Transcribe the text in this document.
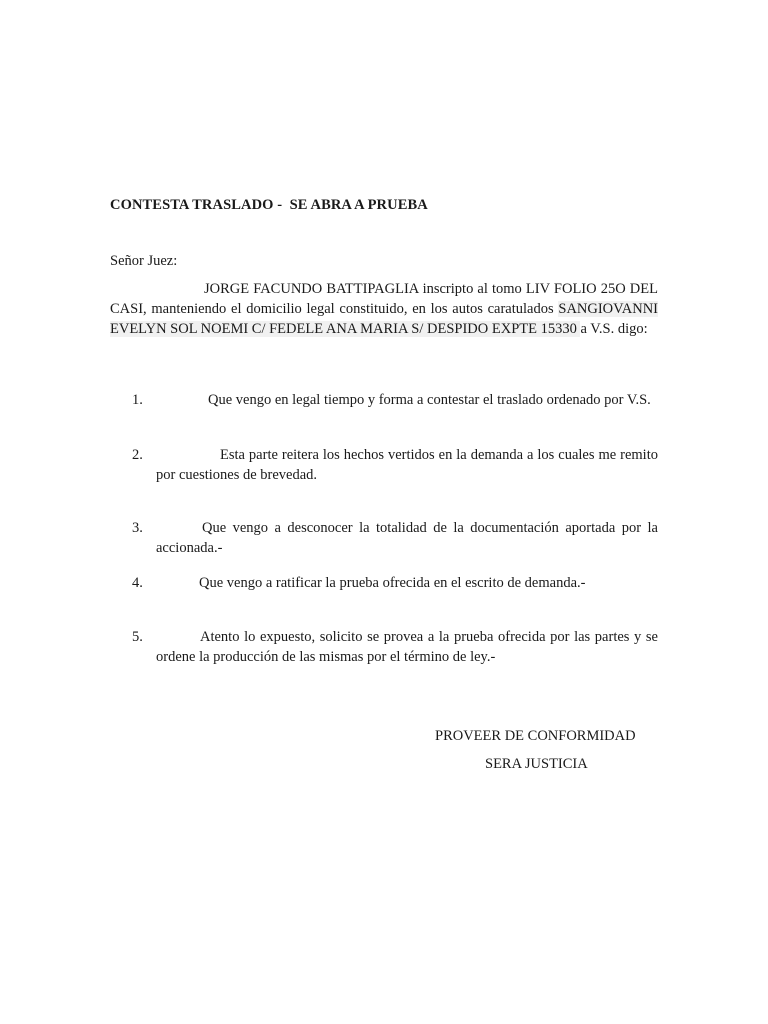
CONTESTA TRASLADO -  SE ABRA A PRUEBA
Señor Juez:
JORGE FACUNDO BATTIPAGLIA inscripto al tomo LIV FOLIO 25O DEL CASI, manteniendo el domicilio legal constituido, en los autos caratulados SANGIOVANNI EVELYN SOL NOEMI C/ FEDELE ANA MARIA S/ DESPIDO EXPTE 15330 a V.S. digo:
1.	Que vengo en legal tiempo y forma a contestar el traslado ordenado por V.S.
2.	Esta parte reitera los hechos vertidos en la demanda a los cuales me remito por cuestiones de brevedad.
3.	Que vengo a desconocer la totalidad de la documentación aportada por la accionada.-
4.	Que vengo a ratificar la prueba ofrecida en el escrito de demanda.-
5.	Atento lo expuesto, solicito se provea a la prueba ofrecida por las partes y se ordene la producción de las mismas por el término de ley.-
PROVEER DE CONFORMIDAD
SERA JUSTICIA
